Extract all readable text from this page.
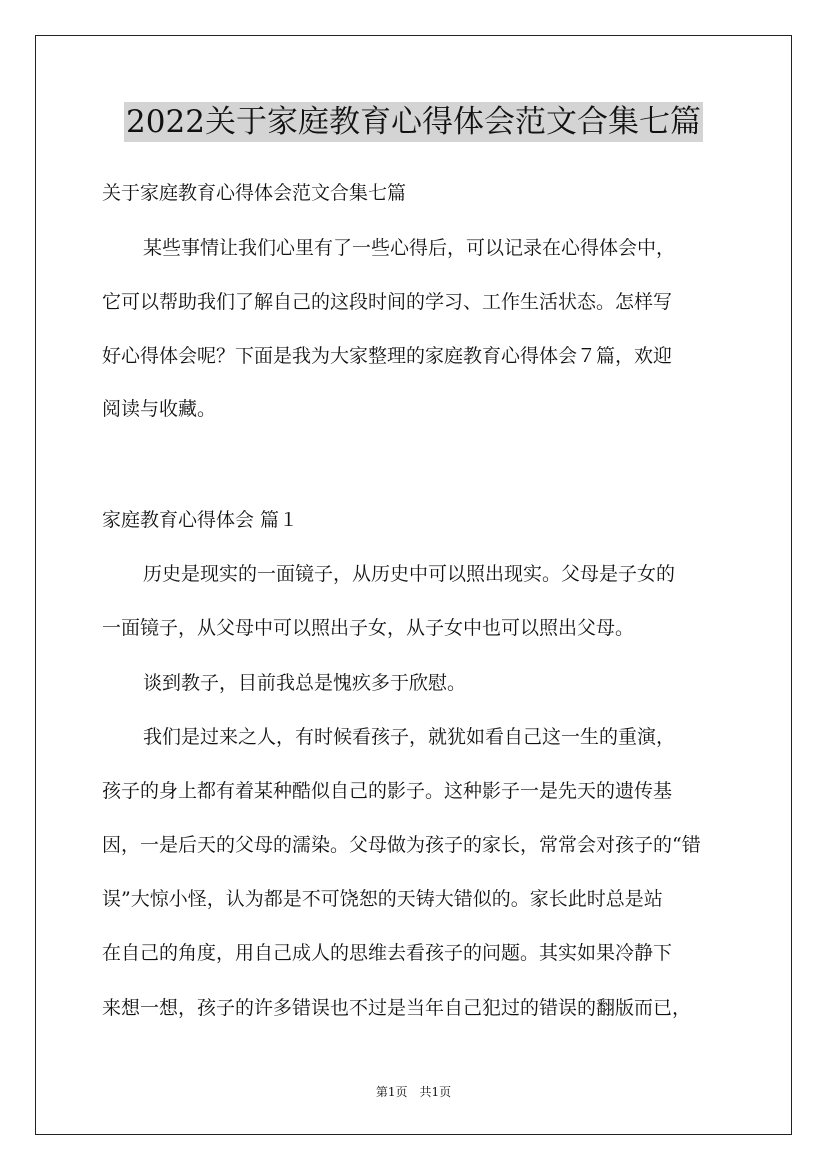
2022关于家庭教育心得体会范文合集七篇
关于家庭教育心得体会范文合集七篇
某些事情让我们心里有了一些心得后，可以记录在心得体会中，
它可以帮助我们了解自己的这段时间的学习、工作生活状态。怎样写
好心得体会呢？下面是我为大家整理的家庭教育心得体会７篇，欢迎
阅读与收藏。
家庭教育心得体会 篇１
历史是现实的一面镜子，从历史中可以照出现实。父母是子女的
一面镜子，从父母中可以照出子女，从子女中也可以照出父母。
谈到教子，目前我总是愧疚多于欣慰。
我们是过来之人，有时候看孩子，就犹如看自己这一生的重演，
孩子的身上都有着某种酷似自己的影子。这种影子一是先天的遗传基
因，一是后天的父母的濡染。父母做为孩子的家长，常常会对孩子的“错
误”大惊小怪，认为都是不可饶恕的天铸大错似的。家长此时总是站
在自己的角度，用自己成人的思维去看孩子的问题。其实如果冷静下
来想一想，孩子的许多错误也不过是当年自己犯过的错误的翻版而已，
第1页　共1页
